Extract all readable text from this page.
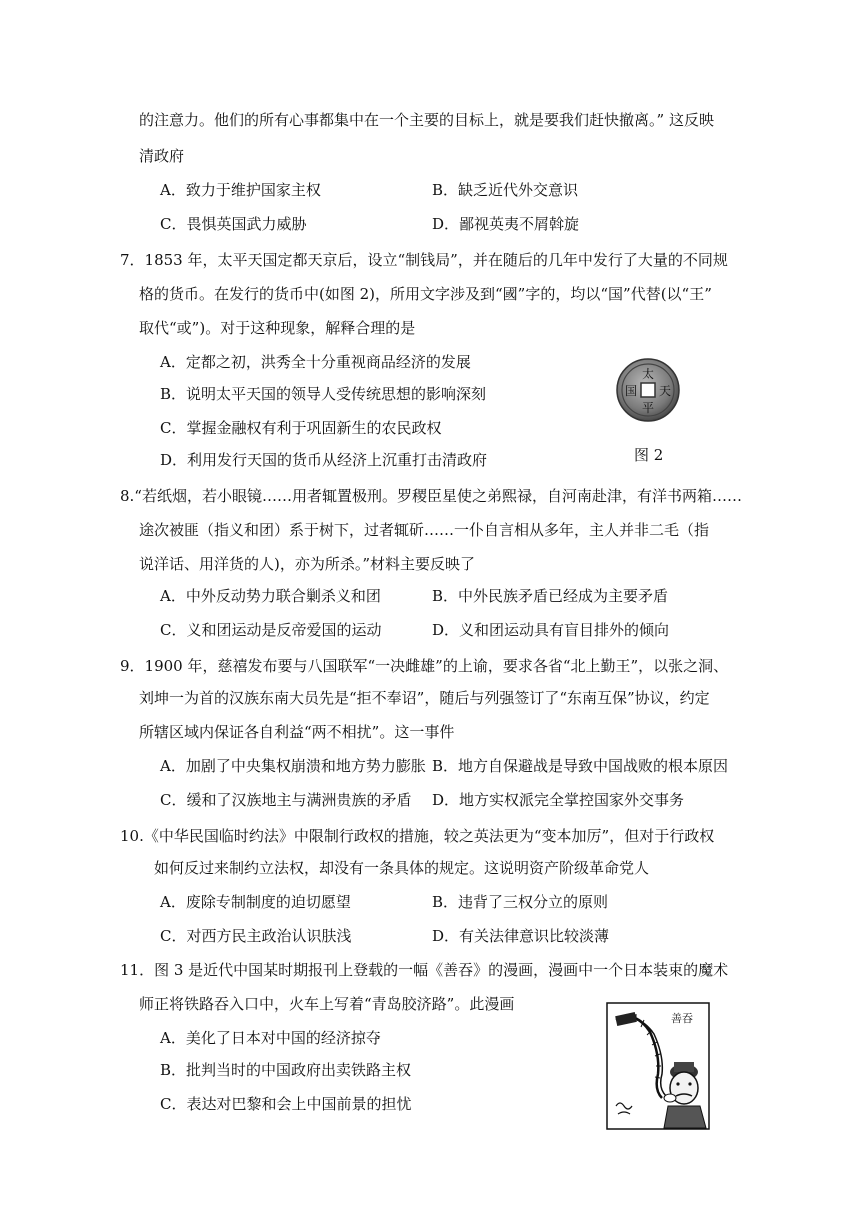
的注意力。他们的所有心事都集中在一个主要的目标上，就是要我们赶快撤离。” 这反映
清政府
A．致力于维护国家主权	B．缺乏近代外交意识
C．畏惧英国武力威胁	D．鄙视英夷不屑斡旋
7．1853 年，太平天国定都天京后，设立“制钱局”，并在随后的几年中发行了大量的不同规
格的货币。在发行的货币中(如图 2)，所用文字涉及到“國”字的，均以“国”代替(以“王”
取代“或”)。对于这种现象，解释合理的是
A．定都之初，洪秀全十分重视商品经济的发展
B．说明太平天国的领导人受传统思想的影响深刻
C．掌握金融权有利于巩固新生的农民政权
D．利用发行天国的货币从经济上沉重打击清政府
太
平
天
国
图 2
8.“若纸烟，若小眼镜……用者辄置极刑。罗稷臣星使之弟熙禄，自河南赴津，有洋书两箱……
途次被匪（指义和团）系于树下，过者辄斫……一仆自言相从多年，主人并非二毛（指
说洋话、用洋货的人)，亦为所杀。”材料主要反映了
A．中外反动势力联合剿杀义和团	B．中外民族矛盾已经成为主要矛盾
C．义和团运动是反帝爱国的运动	D．义和团运动具有盲目排外的倾向
9．1900 年，慈禧发布要与八国联军“一决雌雄”的上谕，要求各省“北上勤王”，以张之洞、
刘坤一为首的汉族东南大员先是“拒不奉诏”，随后与列强签订了“东南互保”协议，约定
所辖区域内保证各自利益“两不相扰”。这一事件
A．加剧了中央集权崩溃和地方势力膨胀 B．地方自保避战是导致中国战败的根本原因
C．缓和了汉族地主与满洲贵族的矛盾 D．地方实权派完全掌控国家外交事务
10.《中华民国临时约法》中限制行政权的措施，较之英法更为“变本加厉”，但对于行政权
如何反过来制约立法权，却没有一条具体的规定。这说明资产阶级革命党人
A．废除专制制度的迫切愿望	B．违背了三权分立的原则
C．对西方民主政治认识肤浅	D．有关法律意识比较淡薄
11．图 3 是近代中国某时期报刊上登载的一幅《善吞》的漫画，漫画中一个日本装束的魔术
师正将铁路吞入口中，火车上写着“青岛胶济路”。此漫画
A．美化了日本对中国的经济掠夺
B．批判当时的中国政府出卖铁路主权
C．表达对巴黎和会上中国前景的担忧
善吞
